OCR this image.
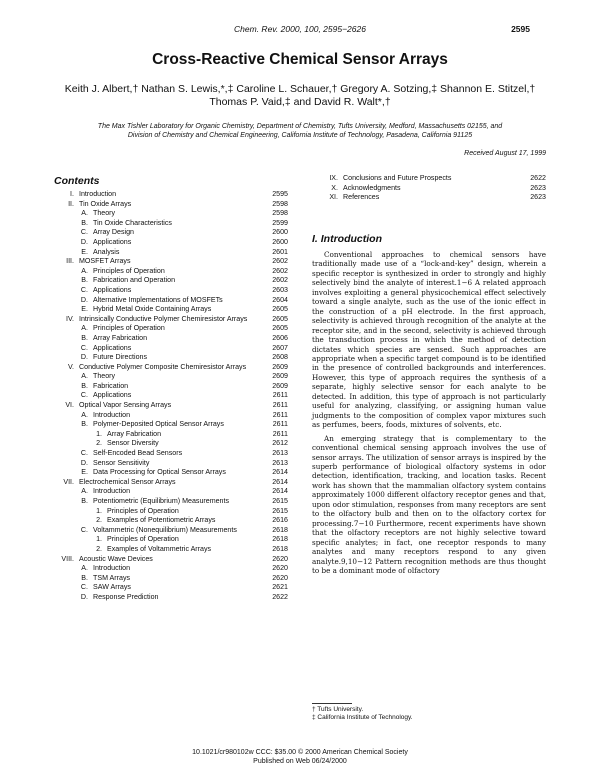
Chem. Rev. 2000, 100, 2595−2626	2595
Cross-Reactive Chemical Sensor Arrays
Keith J. Albert,† Nathan S. Lewis,*,‡ Caroline L. Schauer,† Gregory A. Sotzing,‡ Shannon E. Stitzel,†
Thomas P. Vaid,‡ and David R. Walt*,†
The Max Tishler Laboratory for Organic Chemistry, Department of Chemistry, Tufts University, Medford, Massachusetts 02155, and
Division of Chemistry and Chemical Engineering, California Institute of Technology, Pasadena, California 91125
Received August 17, 1999
Contents
I. Introduction	2595
II. Tin Oxide Arrays	2598
A. Theory	2598
B. Tin Oxide Characteristics	2599
C. Array Design	2600
D. Applications	2600
E. Analysis	2601
III. MOSFET Arrays	2602
A. Principles of Operation	2602
B. Fabrication and Operation	2602
C. Applications	2603
D. Alternative Implementations of MOSFETs	2604
E. Hybrid Metal Oxide Containing Arrays	2605
IV. Intrinsically Conductive Polymer Chemiresistor Arrays	2605
A. Principles of Operation	2605
B. Array Fabrication	2606
C. Applications	2607
D. Future Directions	2608
V. Conductive Polymer Composite Chemiresistor Arrays	2609
A. Theory	2609
B. Fabrication	2609
C. Applications	2611
VI. Optical Vapor Sensing Arrays	2611
A. Introduction	2611
B. Polymer-Deposited Optical Sensor Arrays	2611
1. Array Fabrication	2611
2. Sensor Diversity	2612
C. Self-Encoded Bead Sensors	2613
D. Sensor Sensitivity	2613
E. Data Processing for Optical Sensor Arrays	2614
VII. Electrochemical Sensor Arrays	2614
A. Introduction	2614
B. Potentiometric (Equilibrium) Measurements	2615
1. Principles of Operation	2615
2. Examples of Potentiometric Arrays	2616
C. Voltammetric (Nonequilibrium) Measurements	2618
1. Principles of Operation	2618
2. Examples of Voltammetric Arrays	2618
VIII. Acoustic Wave Devices	2620
A. Introduction	2620
B. TSM Arrays	2620
C. SAW Arrays	2621
D. Response Prediction	2622
IX. Conclusions and Future Prospects	2622
X. Acknowledgments	2623
XI. References	2623
I. Introduction

Conventional approaches to chemical sensors have traditionally made use of a “lock-and-key” design, wherein a specific receptor is synthesized in order to strongly and highly selectively bind the analyte of interest.1−6 A related approach involves exploiting a general physicochemical effect selectively toward a single analyte, such as the use of the ionic effect in the construction of a pH electrode. In the first approach, selectivity is achieved through recognition of the analyte at the receptor site, and in the second, selectivity is achieved through the transduction process in which the method of detection dictates which species are sensed. Such approaches are appropriate when a specific target compound is to be identified in the presence of controlled backgrounds and interferences. However, this type of approach requires the synthesis of a separate, highly selective sensor for each analyte to be detected. In addition, this type of approach is not particularly useful for analyzing, classifying, or assigning human value judgments to the composition of complex vapor mixtures such as perfumes, beers, foods, mixtures of solvents, etc.

An emerging strategy that is complementary to the conventional chemical sensing approach involves the use of sensor arrays. The utilization of sensor arrays is inspired by the superb performance of biological olfactory systems in odor detection, identification, tracking, and location tasks. Recent work has shown that the mammalian olfactory system contains approximately 1000 different olfactory receptor genes and that, upon odor stimulation, responses from many receptors are sent to the olfactory bulb and then on to the olfactory cortex for processing.7−10 Furthermore, recent experiments have shown that the olfactory receptors are not highly selective toward specific analytes; in fact, one receptor responds to many analytes and many receptors respond to any given analyte.9,10−12 Pattern recognition methods are thus thought to be a dominant mode of olfactory

† Tufts University.
‡ California Institute of Technology.
10.1021/cr980102w CCC: $35.00 © 2000 American Chemical Society
Published on Web 06/24/2000
